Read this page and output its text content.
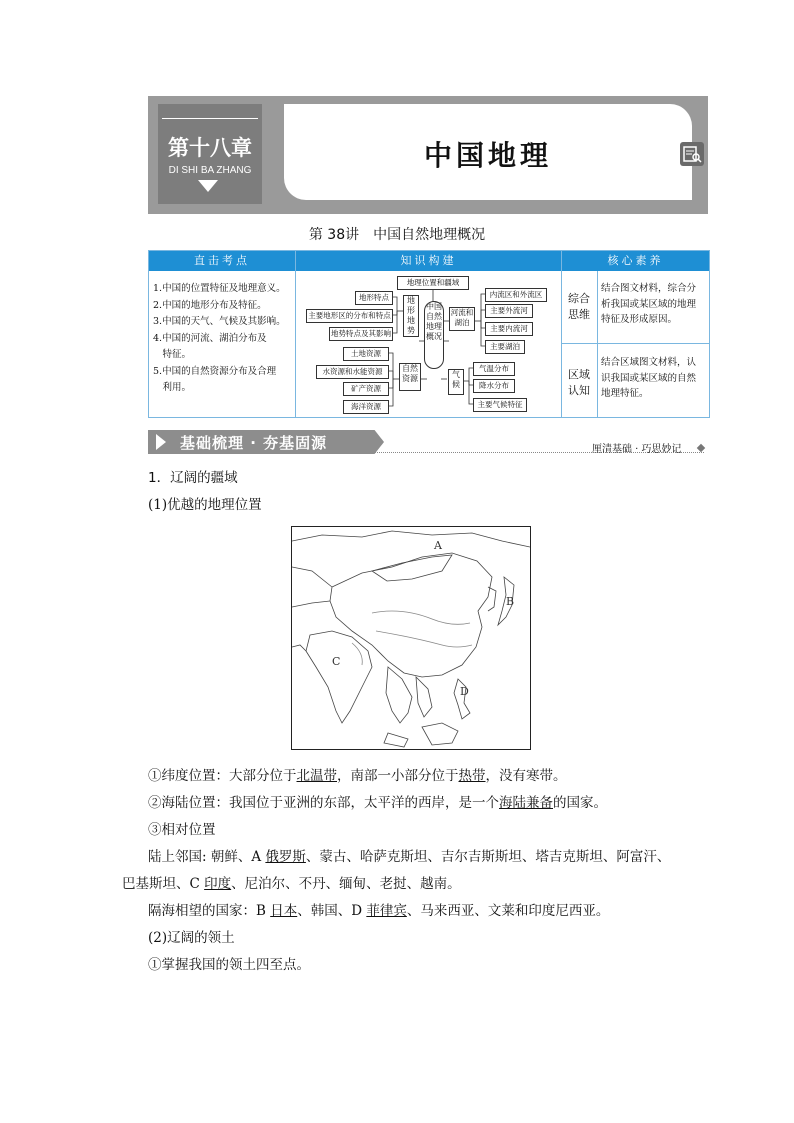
第十八章
DI SHI BA ZHANG	中国地理
第 38讲　中国自然地理概况
直击考点	知识构建	核心素养
1.中国的位置特征及地理意义。
2.中国的地形分布及特征。
3.中国的天气、气候及其影响。
4.中国的河流、湖泊分布及
　特征。
5.中国的自然资源分布及合理
　利用。
地理位置和疆域
中国自然地理概况
地形地势
地形特点
主要地形区的分布和特点
地势特点及其影响
河流和湖泊
内流区和外流区
主要外流河
主要内流河
主要湖泊
自然资源
土地资源
水资源和水能资源
矿产资源
海洋资源
气候
气温分布
降水分布
主要气候特征
综合思维
结合图文材料，综合分析我国或某区域的地理特征及形成原因。
区域认知
结合区域图文材料，认识我国或某区域的自然地理特征。
基础梳理 · 夯基固源	厘清基础 · 巧思妙记
1．辽阔的疆域
(1)优越的地理位置
A
B
C
D
①纬度位置：大部分位于北温带，南部一小部分位于热带，没有寒带。
②海陆位置：我国位于亚洲的东部，太平洋的西岸，是一个海陆兼备的国家。
③相对位置
陆上邻国: 朝鲜、A 俄罗斯、蒙古、哈萨克斯坦、吉尔吉斯斯坦、塔吉克斯坦、阿富汗、
巴基斯坦、C 印度、尼泊尔、不丹、缅甸、老挝、越南。
隔海相望的国家：B 日本、韩国、D 菲律宾、马来西亚、文莱和印度尼西亚。
(2)辽阔的领土
①掌握我国的领土四至点。
